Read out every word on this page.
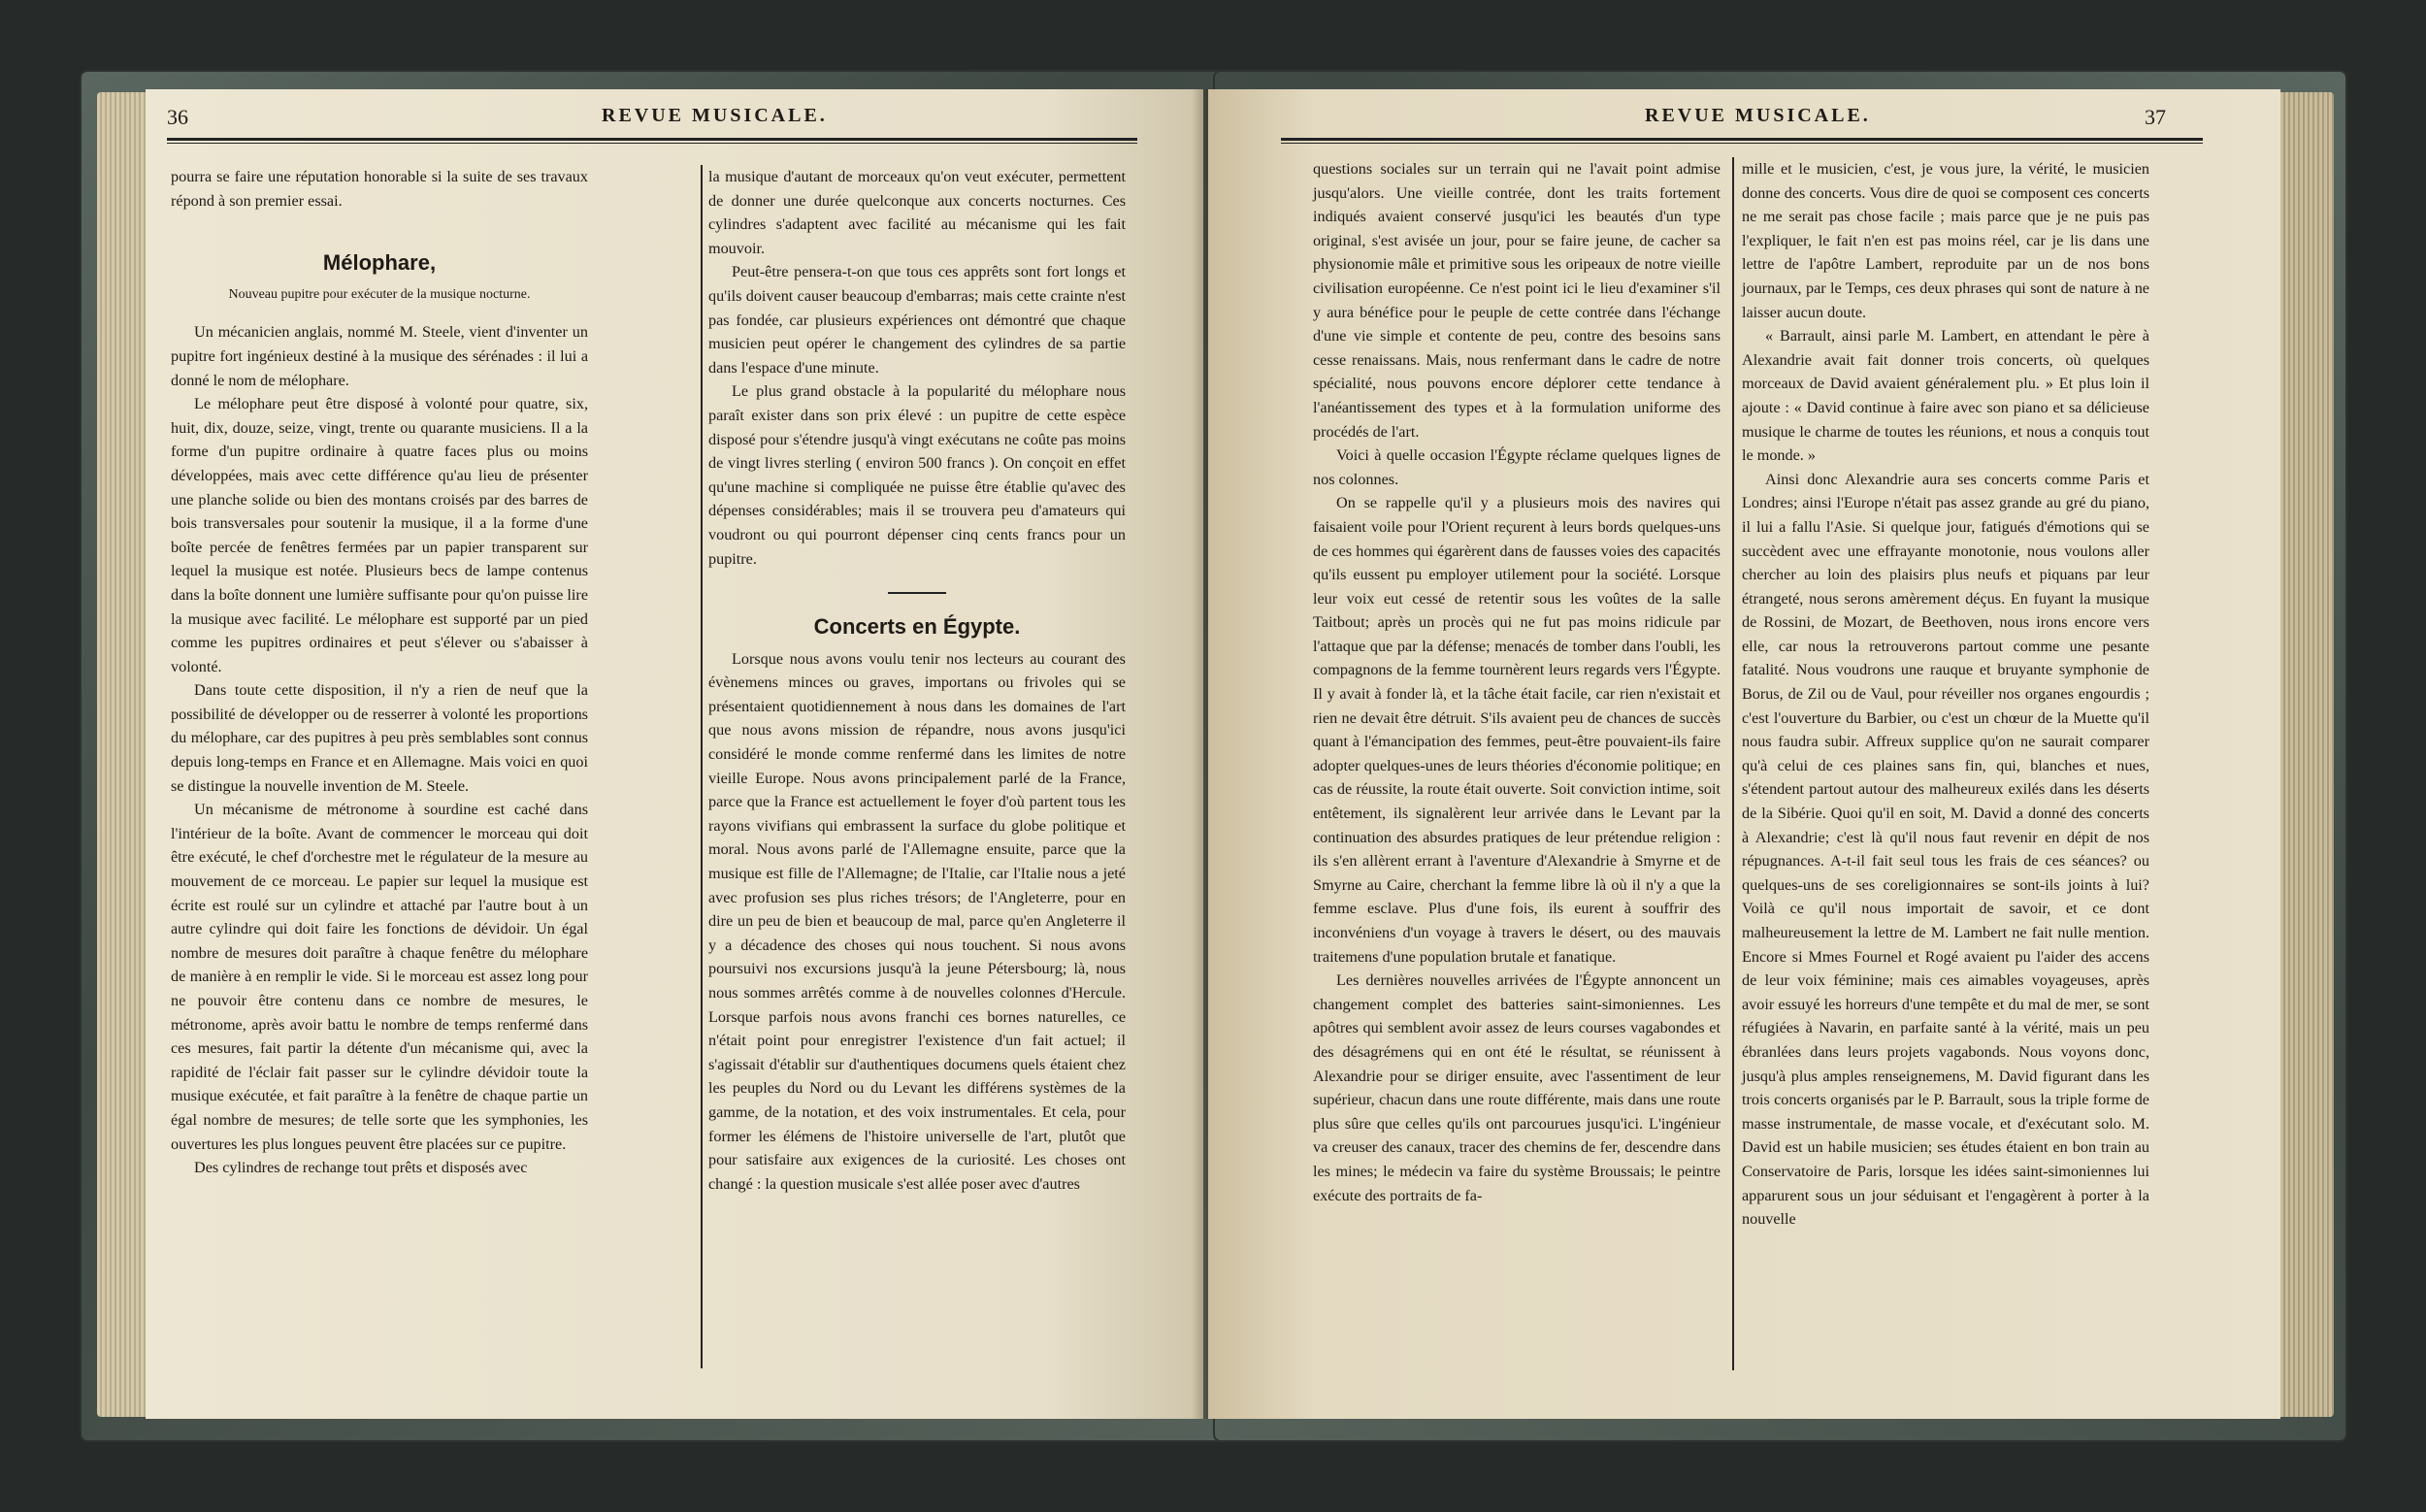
36	REVUE MUSICALE.

pourra se faire une réputation honorable si la suite de ses travaux répond à son premier essai.

Mélophare,
Nouveau pupitre pour exécuter de la musique nocturne.

Un mécanicien anglais, nommé M. Steele, vient d'inventer un pupitre fort ingénieux destiné à la musique des sérénades : il lui a donné le nom de mélophare.

Le mélophare peut être disposé à volonté pour quatre, six, huit, dix, douze, seize, vingt, trente ou quarante musiciens. Il a la forme d'un pupitre ordinaire à quatre faces plus ou moins développées, mais avec cette différence qu'au lieu de présenter une planche solide ou bien des montans croisés par des barres de bois transversales pour soutenir la musique, il a la forme d'une boîte percée de fenêtres fermées par un papier transparent sur lequel la musique est notée. Plusieurs becs de lampe contenus dans la boîte donnent une lumière suffisante pour qu'on puisse lire la musique avec facilité. Le mélophare est supporté par un pied comme les pupitres ordinaires et peut s'élever ou s'abaisser à volonté.

Dans toute cette disposition, il n'y a rien de neuf que la possibilité de développer ou de resserrer à volonté les proportions du mélophare, car des pupitres à peu près semblables sont connus depuis long-temps en France et en Allemagne. Mais voici en quoi se distingue la nouvelle invention de M. Steele.

Un mécanisme de métronome à sourdine est caché dans l'intérieur de la boîte. Avant de commencer le morceau qui doit être exécuté, le chef d'orchestre met le régulateur de la mesure au mouvement de ce morceau. Le papier sur lequel la musique est écrite est roulé sur un cylindre et attaché par l'autre bout à un autre cylindre qui doit faire les fonctions de dévidoir. Un égal nombre de mesures doit paraître à chaque fenêtre du mélophare de manière à en remplir le vide. Si le morceau est assez long pour ne pouvoir être contenu dans ce nombre de mesures, le métronome, après avoir battu le nombre de temps renfermé dans ces mesures, fait partir la détente d'un mécanisme qui, avec la rapidité de l'éclair fait passer sur le cylindre dévidoir toute la musique exécutée, et fait paraître à la fenêtre de chaque partie un égal nombre de mesures; de telle sorte que les symphonies, les ouvertures les plus longues peuvent être placées sur ce pupitre.

Des cylindres de rechange tout prêts et disposés avec

la musique d'autant de morceaux qu'on veut exécuter, permettent de donner une durée quelconque aux concerts nocturnes. Ces cylindres s'adaptent avec facilité au mécanisme qui les fait mouvoir.

Peut-être pensera-t-on que tous ces apprêts sont fort longs et qu'ils doivent causer beaucoup d'embarras; mais cette crainte n'est pas fondée, car plusieurs expériences ont démontré que chaque musicien peut opérer le changement des cylindres de sa partie dans l'espace d'une minute.

Le plus grand obstacle à la popularité du mélophare nous paraît exister dans son prix élevé : un pupitre de cette espèce disposé pour s'étendre jusqu'à vingt exécutans ne coûte pas moins de vingt livres sterling ( environ 500 francs ). On conçoit en effet qu'une machine si compliquée ne puisse être établie qu'avec des dépenses considérables; mais il se trouvera peu d'amateurs qui voudront ou qui pourront dépenser cinq cents francs pour un pupitre.

Concerts en Égypte.

Lorsque nous avons voulu tenir nos lecteurs au courant des évènemens minces ou graves, importans ou frivoles qui se présentaient quotidiennement à nous dans les domaines de l'art que nous avons mission de répandre, nous avons jusqu'ici considéré le monde comme renfermé dans les limites de notre vieille Europe. Nous avons principalement parlé de la France, parce que la France est actuellement le foyer d'où partent tous les rayons vivifians qui embrassent la surface du globe politique et moral. Nous avons parlé de l'Allemagne ensuite, parce que la musique est fille de l'Allemagne; de l'Italie, car l'Italie nous a jeté avec profusion ses plus riches trésors; de l'Angleterre, pour en dire un peu de bien et beaucoup de mal, parce qu'en Angleterre il y a décadence des choses qui nous touchent. Si nous avons poursuivi nos excursions jusqu'à la jeune Pétersbourg; là, nous nous sommes arrêtés comme à de nouvelles colonnes d'Hercule. Lorsque parfois nous avons franchi ces bornes naturelles, ce n'était point pour enregistrer l'existence d'un fait actuel; il s'agissait d'établir sur d'authentiques documens quels étaient chez les peuples du Nord ou du Levant les différens systèmes de la gamme, de la notation, et des voix instrumentales. Et cela, pour former les élémens de l'histoire universelle de l'art, plutôt que pour satisfaire aux exigences de la curiosité. Les choses ont changé : la question musicale s'est allée poser avec d'autres

REVUE MUSICALE.	37

questions sociales sur un terrain qui ne l'avait point admise jusqu'alors. Une vieille contrée, dont les traits fortement indiqués avaient conservé jusqu'ici les beautés d'un type original, s'est avisée un jour, pour se faire jeune, de cacher sa physionomie mâle et primitive sous les oripeaux de notre vieille civilisation européenne. Ce n'est point ici le lieu d'examiner s'il y aura bénéfice pour le peuple de cette contrée dans l'échange d'une vie simple et contente de peu, contre des besoins sans cesse renaissans. Mais, nous renfermant dans le cadre de notre spécialité, nous pouvons encore déplorer cette tendance à l'anéantissement des types et à la formulation uniforme des procédés de l'art.

Voici à quelle occasion l'Égypte réclame quelques lignes de nos colonnes.

On se rappelle qu'il y a plusieurs mois des navires qui faisaient voile pour l'Orient reçurent à leurs bords quelques-uns de ces hommes qui égarèrent dans de fausses voies des capacités qu'ils eussent pu employer utilement pour la société. Lorsque leur voix eut cessé de retentir sous les voûtes de la salle Taitbout; après un procès qui ne fut pas moins ridicule par l'attaque que par la défense; menacés de tomber dans l'oubli, les compagnons de la femme tournèrent leurs regards vers l'Égypte. Il y avait à fonder là, et la tâche était facile, car rien n'existait et rien ne devait être détruit. S'ils avaient peu de chances de succès quant à l'émancipation des femmes, peut-être pouvaient-ils faire adopter quelques-unes de leurs théories d'économie politique; en cas de réussite, la route était ouverte. Soit conviction intime, soit entêtement, ils signalèrent leur arrivée dans le Levant par la continuation des absurdes pratiques de leur prétendue religion : ils s'en allèrent errant à l'aventure d'Alexandrie à Smyrne et de Smyrne au Caire, cherchant la femme libre là où il n'y a que la femme esclave. Plus d'une fois, ils eurent à souffrir des inconvéniens d'un voyage à travers le désert, ou des mauvais traitemens d'une population brutale et fanatique.

Les dernières nouvelles arrivées de l'Égypte annoncent un changement complet des batteries saint-simoniennes. Les apôtres qui semblent avoir assez de leurs courses vagabondes et des désagrémens qui en ont été le résultat, se réunissent à Alexandrie pour se diriger ensuite, avec l'assentiment de leur supérieur, chacun dans une route différente, mais dans une route plus sûre que celles qu'ils ont parcourues jusqu'ici. L'ingénieur va creuser des canaux, tracer des chemins de fer, descendre dans les mines; le médecin va faire du système Broussais; le peintre exécute des portraits de fa-

mille et le musicien, c'est, je vous jure, la vérité, le musicien donne des concerts. Vous dire de quoi se composent ces concerts ne me serait pas chose facile ; mais parce que je ne puis pas l'expliquer, le fait n'en est pas moins réel, car je lis dans une lettre de l'apôtre Lambert, reproduite par un de nos bons journaux, par le Temps, ces deux phrases qui sont de nature à ne laisser aucun doute.

« Barrault, ainsi parle M. Lambert, en attendant le père à Alexandrie avait fait donner trois concerts, où quelques morceaux de David avaient généralement plu. » Et plus loin il ajoute : « David continue à faire avec son piano et sa délicieuse musique le charme de toutes les réunions, et nous a conquis tout le monde. »

Ainsi donc Alexandrie aura ses concerts comme Paris et Londres; ainsi l'Europe n'était pas assez grande au gré du piano, il lui a fallu l'Asie. Si quelque jour, fatigués d'émotions qui se succèdent avec une effrayante monotonie, nous voulons aller chercher au loin des plaisirs plus neufs et piquans par leur étrangeté, nous serons amèrement déçus. En fuyant la musique de Rossini, de Mozart, de Beethoven, nous irons encore vers elle, car nous la retrouverons partout comme une pesante fatalité. Nous voudrons une rauque et bruyante symphonie de Borus, de Zil ou de Vaul, pour réveiller nos organes engourdis ; c'est l'ouverture du Barbier, ou c'est un chœur de la Muette qu'il nous faudra subir. Affreux supplice qu'on ne saurait comparer qu'à celui de ces plaines sans fin, qui, blanches et nues, s'étendent partout autour des malheureux exilés dans les déserts de la Sibérie. Quoi qu'il en soit, M. David a donné des concerts à Alexandrie; c'est là qu'il nous faut revenir en dépit de nos répugnances. A-t-il fait seul tous les frais de ces séances? ou quelques-uns de ses coreligionnaires se sont-ils joints à lui? Voilà ce qu'il nous importait de savoir, et ce dont malheureusement la lettre de M. Lambert ne fait nulle mention. Encore si Mmes Fournel et Rogé avaient pu l'aider des accens de leur voix féminine; mais ces aimables voyageuses, après avoir essuyé les horreurs d'une tempête et du mal de mer, se sont réfugiées à Navarin, en parfaite santé à la vérité, mais un peu ébranlées dans leurs projets vagabonds. Nous voyons donc, jusqu'à plus amples renseignemens, M. David figurant dans les trois concerts organisés par le P. Barrault, sous la triple forme de masse instrumentale, de masse vocale, et d'exécutant solo. M. David est un habile musicien; ses études étaient en bon train au Conservatoire de Paris, lorsque les idées saint-simoniennes lui apparurent sous un jour séduisant et l'engagèrent à porter à la nouvelle
